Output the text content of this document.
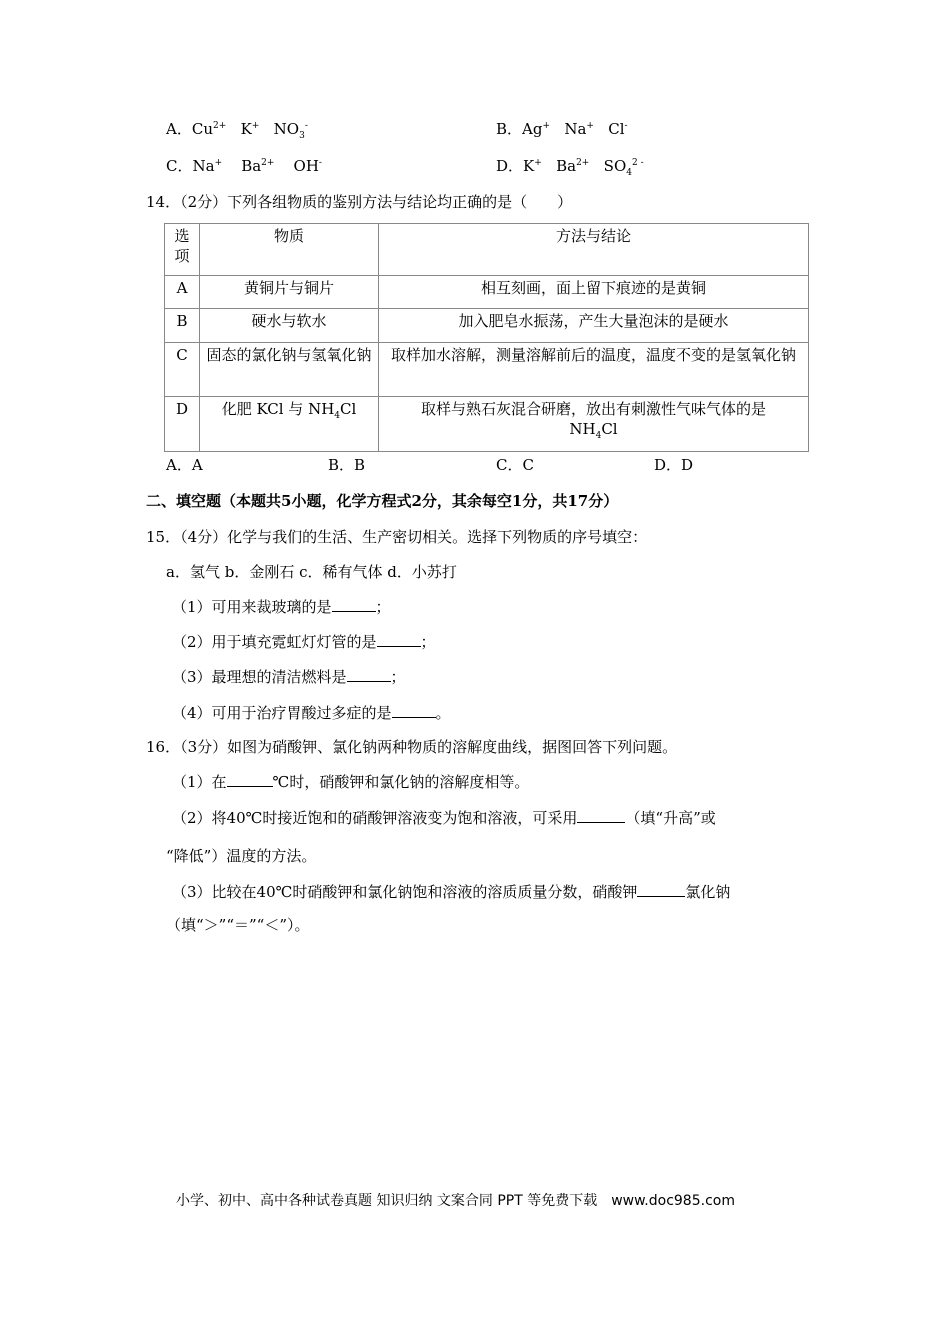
A．$Cu^{2+}$ K+ $NO_3^-$	B．Ag+ Na+ Cl-
C．Na+ $Ba^{2+}$ OH-	D．K+ $Ba^{2+}$ $SO_4^{2 -}$
14．（2分）下列各组物质的鉴别方法与结论均正确的是（　　）
选
项	物质	方法与结论
A	黄铜片与铜片	相互刻画，面上留下痕迹的是黄铜
B	硬水与软水	加入肥皂水振荡，产生大量泡沫的是硬水
C	固态的氯化钠与氢氧化钠	取样加水溶解，测量溶解前后的温度，温度不变的是氢氧化钠
D	化肥 KCl 与 $NH_4Cl$	取样与熟石灰混合研磨，放出有刺激性气味气体的是
$NH_4Cl$
A．A	B．B	C．C	D．D
二、填空题（本题共5小题，化学方程式2分，其余每空1分，共17分）
15．（4分）化学与我们的生活、生产密切相关。选择下列物质的序号填空：
a．氢气 b．金刚石 c．稀有气体 d．小苏打
（1）可用来裁玻璃的是	；
（2）用于填充霓虹灯灯管的是	；
（3）最理想的清洁燃料是	；
（4）可用于治疗胃酸过多症的是	。
16．（3分）如图为硝酸钾、氯化钠两种物质的溶解度曲线，据图回答下列问题。
（1）在	℃时，硝酸钾和氯化钠的溶解度相等。
（2）将40℃时接近饱和的硝酸钾溶液变为饱和溶液，可采用	（填“升高”或
“降低”）温度的方法。
（3）比较在40℃时硝酸钾和氯化钠饱和溶液的溶质质量分数，硝酸钾	氯化钠
（填“＞”“＝”“＜”）。
小学、初中、高中各种试卷真题 知识归纳 文案合同 PPT 等免费下载　www.doc985.com
